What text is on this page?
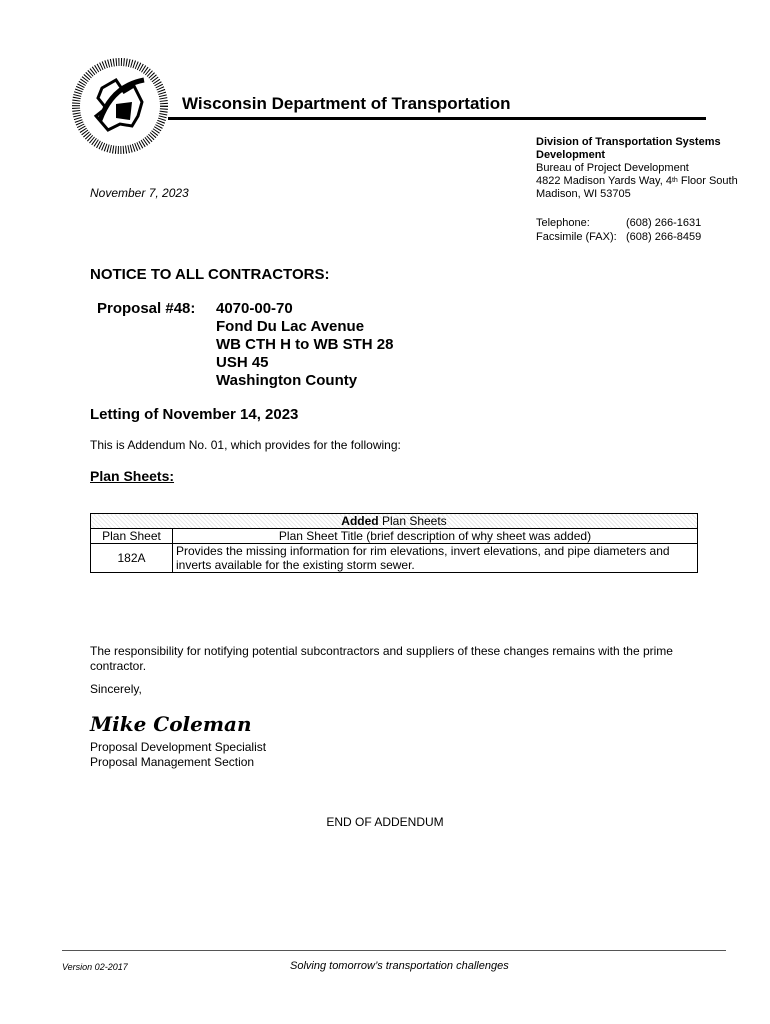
Wisconsin Department of Transportation
Division of Transportation Systems Development
Bureau of Project Development
4822 Madison Yards Way, 4th Floor South
Madison, WI 53705
Telephone:	(608) 266-1631
Facsimile (FAX): (608) 266-8459
November 7, 2023
NOTICE TO ALL CONTRACTORS:
Proposal #48: 4070-00-70
Fond Du Lac Avenue
WB CTH H to WB STH 28
USH 45
Washington County
Letting of November 14, 2023
This is Addendum No. 01, which provides for the following:
Plan Sheets:
Added Plan Sheets	
Plan Sheet	Plan Sheet Title (brief description of why sheet was added)
182A	Provides the missing information for rim elevations, invert elevations, and pipe diameters and inverts available for the existing storm sewer.
The responsibility for notifying potential subcontractors and suppliers of these changes remains with the prime contractor.
Sincerely,
Mike Coleman
Proposal Development Specialist
Proposal Management Section
END OF ADDENDUM
Version 02-2017	Solving tomorrow’s transportation challenges
